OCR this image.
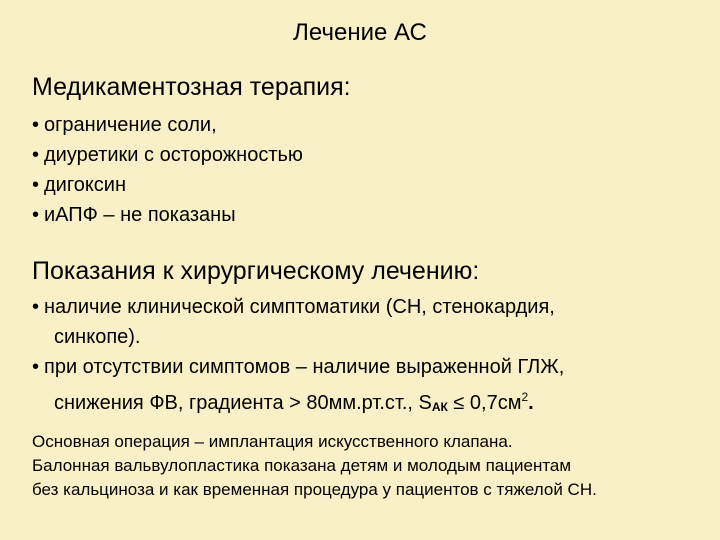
Лечение АС
Медикаментозная терапия:
• ограничение соли,
• диуретики с осторожностью
• дигоксин
• иАПФ – не показаны
Показания к хирургическому лечению:
• наличие клинической симптоматики (СН, стенокардия,
синкопе).
• при отсутствии симптомов – наличие выраженной ГЛЖ,
снижения ФВ, градиента > 80мм.рт.ст., $S_{АК} \le 0,7см^2$.
Основная операция – имплантация искусственного клапана.
Балонная вальвулопластика показана детям и молодым пациентам
без кальциноза и как временная процедура у пациентов с тяжелой СН.
